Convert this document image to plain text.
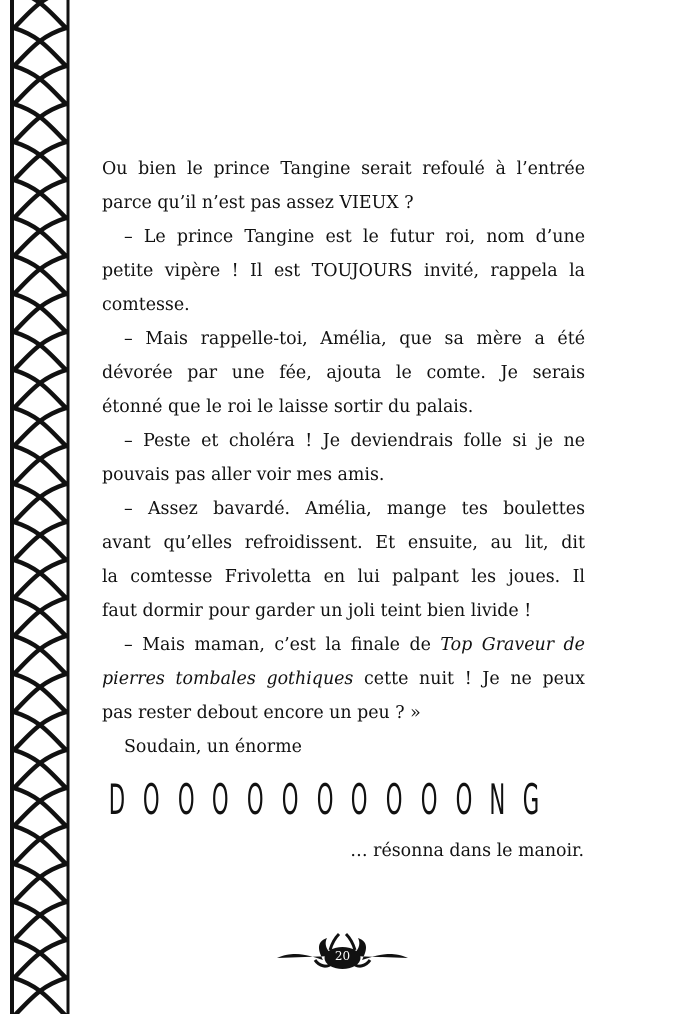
Ou bien le prince Tangine serait refoulé à l’entrée
parce qu’il n’est pas assez VIEUX ?

– Le prince Tangine est le futur roi, nom d’une
petite vipère ! Il est TOUJOURS invité, rappela la
comtesse.

– Mais rappelle-toi, Amélia, que sa mère a été
dévorée par une fée, ajouta le comte. Je serais
étonné que le roi le laisse sortir du palais.

– Peste et choléra ! Je deviendrais folle si je ne
pouvais pas aller voir mes amis.

– Assez bavardé. Amélia, mange tes boulettes
avant qu’elles refroidissent. Et ensuite, au lit, dit
la comtesse Frivoletta en lui palpant les joues. Il
faut dormir pour garder un joli teint bien livide !

– Mais maman, c’est la finale de Top Graveur de
pierres tombales gothiques cette nuit ! Je ne peux
pas rester debout encore un peu ? »

Soudain, un énorme

D O O O O O O O O O O N G
… résonna dans le manoir.
20
